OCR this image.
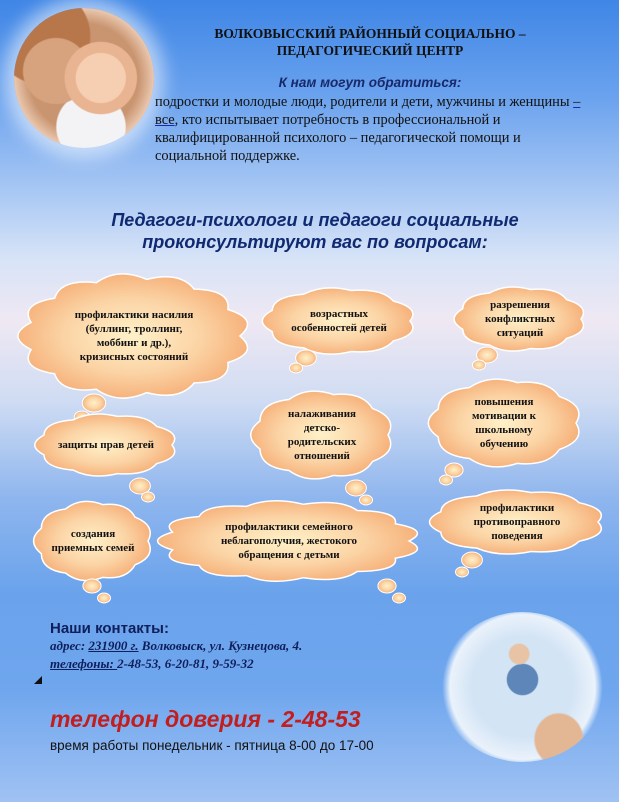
ВОЛКОВЫССКИЙ РАЙОННЫЙ СОЦИАЛЬНО –
ПЕДАГОГИЧЕСКИЙ ЦЕНТР
К нам могут обратиться:
подростки и молодые люди, родители и дети, мужчины и женщины – все, кто испытывает потребность в профессиональной и квалифицированной психолого – педагогической помощи и социальной поддержке.
Педагоги-психологи и педагоги социальные
проконсультируют вас по вопросам:
профилактики насилия (буллинг, троллинг, моббинг и др.), кризисных состояний
возрастных особенностей детей
разрешения конфликтных ситуаций
защиты прав детей
налаживания детско-родительских отношений
повышения мотивации к школьному обучению
создания приемных семей
профилактики семейного неблагополучия, жестокого обращения с детьми
профилактики противоправного поведения
Наши контакты:
адрес: 231900 г. Волковыск, ул. Кузнецова, 4.
телефоны: 2-48-53, 6-20-81, 9-59-32
телефон доверия - 2-48-53
время работы понедельник - пятница 8-00 до 17-00
